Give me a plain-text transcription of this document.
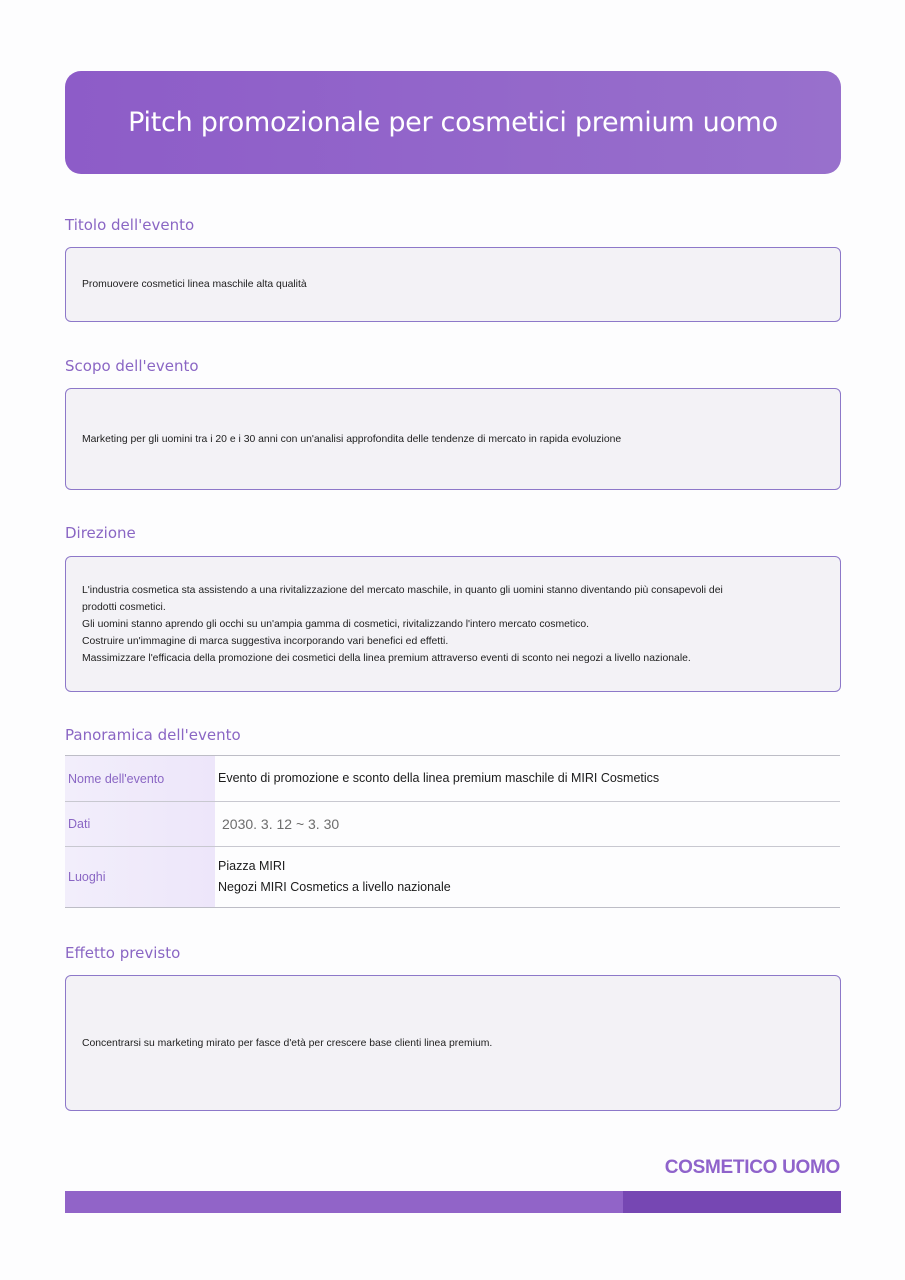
Pitch promozionale per cosmetici premium uomo
Titolo dell'evento

Promuovere cosmetici linea maschile alta qualità

Scopo dell'evento

Marketing per gli uomini tra i 20 e i 30 anni con un'analisi approfondita delle tendenze di mercato in rapida evoluzione

Direzione

L'industria cosmetica sta assistendo a una rivitalizzazione del mercato maschile, in quanto gli uomini stanno diventando più consapevoli dei prodotti cosmetici.

Gli uomini stanno aprendo gli occhi su un'ampia gamma di cosmetici, rivitalizzando l'intero mercato cosmetico.

Costruire un'immagine di marca suggestiva incorporando vari benefici ed effetti.

Massimizzare l'efficacia della promozione dei cosmetici della linea premium attraverso eventi di sconto nei negozi a livello nazionale.

Panoramica dell'evento
Nome dell'evento	Evento di promozione e sconto della linea premium maschile di MIRI Cosmetics
Dati	2030. 3. 12 ~ 3. 30
Luoghi
Piazza MIRI
Negozi MIRI Cosmetics a livello nazionale
Effetto previsto

Concentrarsi su marketing mirato per fasce d'età per crescere base clienti linea premium.

COSMETICO UOMO
